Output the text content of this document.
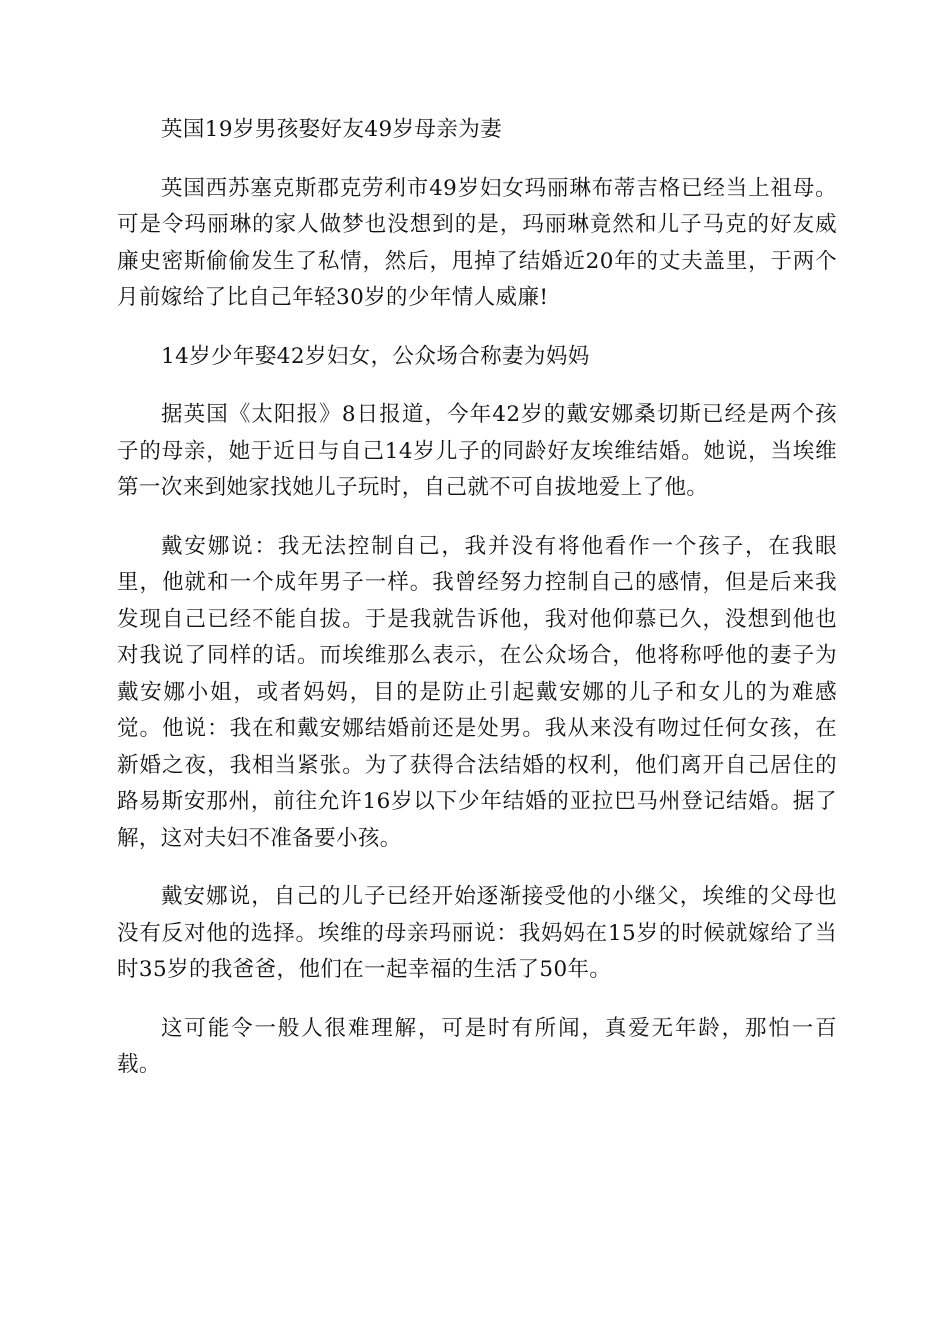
英国19岁男孩娶好友49岁母亲为妻

英国西苏塞克斯郡克劳利市49岁妇女玛丽琳布蒂吉格已经当上祖母。可是令玛丽琳的家人做梦也没想到的是，玛丽琳竟然和儿子马克的好友威廉史密斯偷偷发生了私情，然后，甩掉了结婚近20年的丈夫盖里，于两个月前嫁给了比自己年轻30岁的少年情人威廉!

14岁少年娶42岁妇女，公众场合称妻为妈妈

据英国《太阳报》8日报道，今年42岁的戴安娜桑切斯已经是两个孩子的母亲，她于近日与自己14岁儿子的同龄好友埃维结婚。她说，当埃维第一次来到她家找她儿子玩时，自己就不可自拔地爱上了他。

戴安娜说：我无法控制自己，我并没有将他看作一个孩子，在我眼里，他就和一个成年男子一样。我曾经努力控制自己的感情，但是后来我发现自己已经不能自拔。于是我就告诉他，我对他仰慕已久，没想到他也对我说了同样的话。而埃维那么表示，在公众场合，他将称呼他的妻子为戴安娜小姐，或者妈妈，目的是防止引起戴安娜的儿子和女儿的为难感觉。他说：我在和戴安娜结婚前还是处男。我从来没有吻过任何女孩，在新婚之夜，我相当紧张。为了获得合法结婚的权利，他们离开自己居住的路易斯安那州，前往允许16岁以下少年结婚的亚拉巴马州登记结婚。据了解，这对夫妇不准备要小孩。

戴安娜说，自己的儿子已经开始逐渐接受他的小继父，埃维的父母也没有反对他的选择。埃维的母亲玛丽说：我妈妈在15岁的时候就嫁给了当时35岁的我爸爸，他们在一起幸福的生活了50年。

这可能令一般人很难理解，可是时有所闻，真爱无年龄，那怕一百载。
